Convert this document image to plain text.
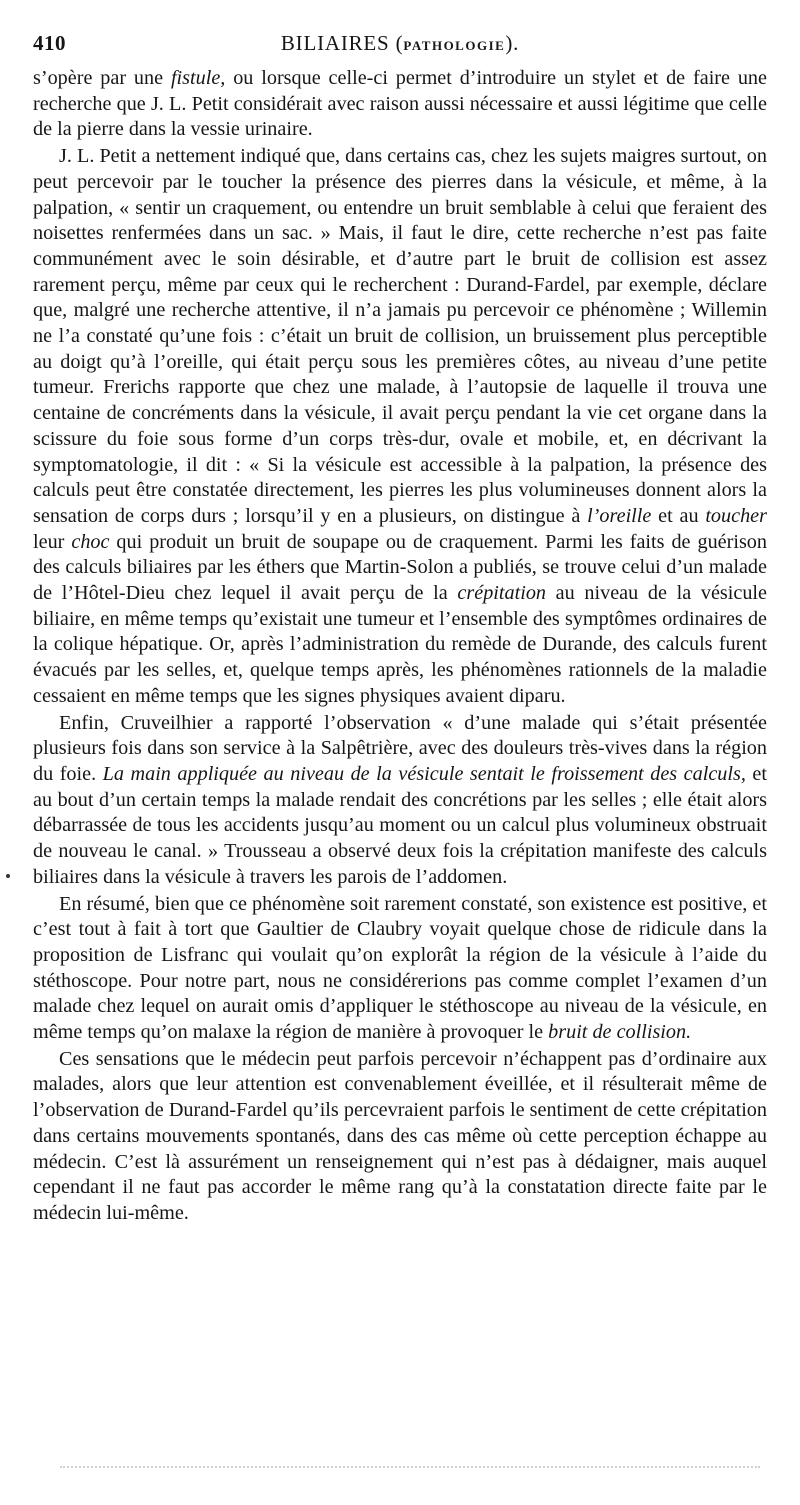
410	BILIAIRES (PATHOLOGIE).

s’opère par une fistule, ou lorsque celle-ci permet d’introduire un stylet et de faire une recherche que J. L. Petit considérait avec raison aussi nécessaire et aussi légitime que celle de la pierre dans la vessie urinaire.

J. L. Petit a nettement indiqué que, dans certains cas, chez les sujets maigres surtout, on peut percevoir par le toucher la présence des pierres dans la vésicule, et même, à la palpation, « sentir un craquement, ou entendre un bruit semblable à celui que feraient des noisettes renfermées dans un sac. » Mais, il faut le dire, cette recherche n’est pas faite communément avec le soin désirable, et d’autre part le bruit de collision est assez rarement perçu, même par ceux qui le recherchent : Durand-Fardel, par exemple, déclare que, malgré une recherche attentive, il n’a jamais pu percevoir ce phénomène ; Willemin ne l’a constaté qu’une fois : c’était un bruit de collision, un bruissement plus perceptible au doigt qu’à l’oreille, qui était perçu sous les premières côtes, au niveau d’une petite tumeur. Frerichs rapporte que chez une malade, à l’autopsie de laquelle il trouva une centaine de concréments dans la vésicule, il avait perçu pendant la vie cet organe dans la scissure du foie sous forme d’un corps très-dur, ovale et mobile, et, en décrivant la symptomatologie, il dit : « Si la vésicule est accessible à la palpation, la présence des calculs peut être constatée directement, les pierres les plus volumineuses donnent alors la sensation de corps durs ; lorsqu’il y en a plusieurs, on distingue à l’oreille et au toucher leur choc qui produit un bruit de soupape ou de craquement. Parmi les faits de guérison des calculs biliaires par les éthers que Martin-Solon a publiés, se trouve celui d’un malade de l’Hôtel-Dieu chez lequel il avait perçu de la crépitation au niveau de la vésicule biliaire, en même temps qu’existait une tumeur et l’ensemble des symptômes ordinaires de la colique hépatique. Or, après l’administration du remède de Durande, des calculs furent évacués par les selles, et, quelque temps après, les phénomènes rationnels de la maladie cessaient en même temps que les signes physiques avaient diparu.

Enfin, Cruveilhier a rapporté l’observation « d’une malade qui s’était présentée plusieurs fois dans son service à la Salpêtrière, avec des douleurs très-vives dans la région du foie. La main appliquée au niveau de la vésicule sentait le froissement des calculs, et au bout d’un certain temps la malade rendait des concrétions par les selles ; elle était alors débarrassée de tous les accidents jusqu’au moment ou un calcul plus volumineux obstruait de nouveau le canal. » Trousseau a observé deux fois la crépitation manifeste des calculs biliaires dans la vésicule à travers les parois de l’addomen.

En résumé, bien que ce phénomène soit rarement constaté, son existence est positive, et c’est tout à fait à tort que Gaultier de Claubry voyait quelque chose de ridicule dans la proposition de Lisfranc qui voulait qu’on explorât la région de la vésicule à l’aide du stéthoscope. Pour notre part, nous ne considérerions pas comme complet l’examen d’un malade chez lequel on aurait omis d’appliquer le stéthoscope au niveau de la vésicule, en même temps qu’on malaxe la région de manière à provoquer le bruit de collision.

Ces sensations que le médecin peut parfois percevoir n’échappent pas d’ordinaire aux malades, alors que leur attention est convenablement éveillée, et il résulterait même de l’observation de Durand-Fardel qu’ils percevraient parfois le sentiment de cette crépitation dans certains mouvements spontanés, dans des cas même où cette perception échappe au médecin. C’est là assurément un renseignement qui n’est pas à dédaigner, mais auquel cependant il ne faut pas accorder le même rang qu’à la constatation directe faite par le médecin lui-même.
